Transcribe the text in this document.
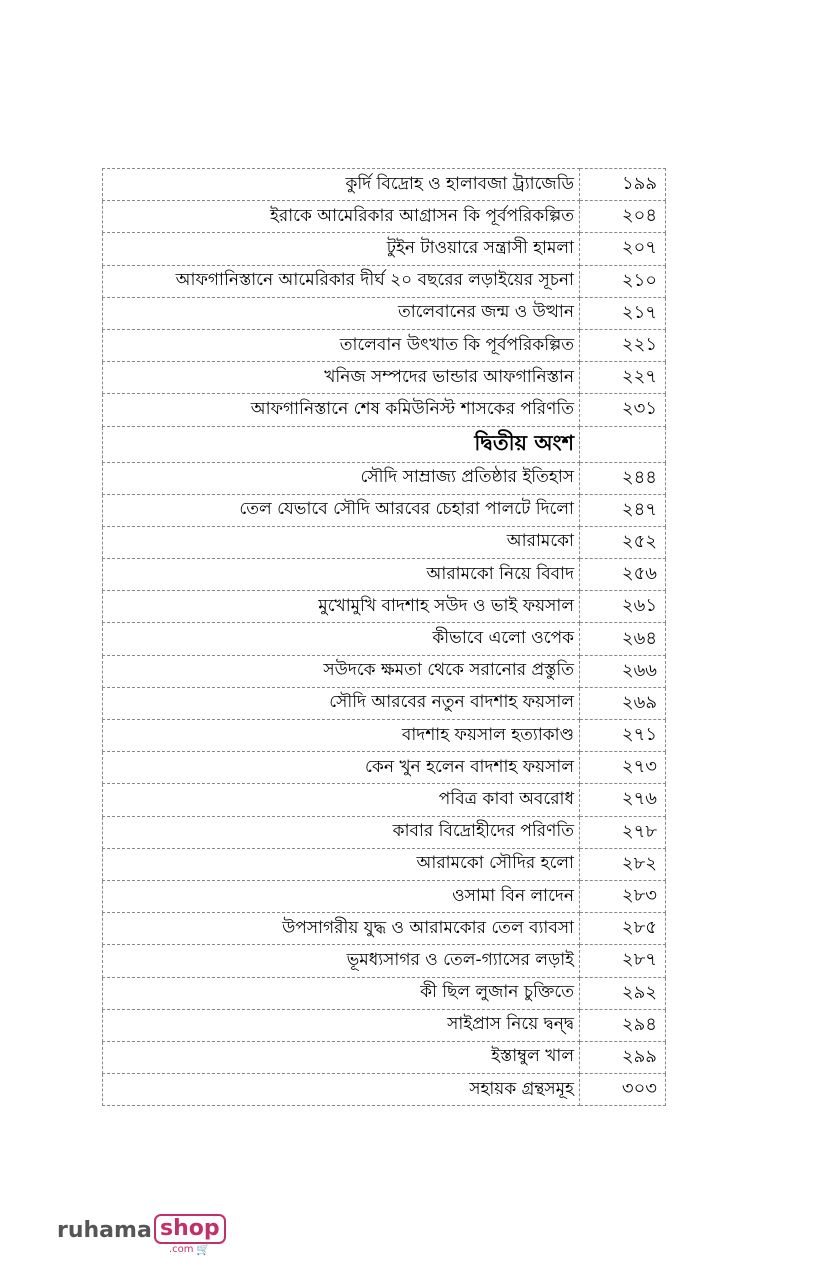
কুর্দি বিদ্রোহ ও হালাবজা ট্র্যাজেডি	১৯৯
ইরাকে আমেরিকার আগ্রাসন কি পূর্বপরিকল্পিত	২০৪
টুইন টাওয়ারে সন্ত্রাসী হামলা	২০৭
আফগানিস্তানে আমেরিকার দীর্ঘ ২০ বছরের লড়াইয়ের সূচনা	২১০
তালেবানের জন্ম ও উত্থান	২১৭
তালেবান উৎখাত কি পূর্বপরিকল্পিত	২২১
খনিজ সম্পদের ভান্ডার আফগানিস্তান	২২৭
আফগানিস্তানে শেষ কমিউনিস্ট শাসকের পরিণতি	২৩১
দ্বিতীয় অংশ	
সৌদি সাম্রাজ্য প্রতিষ্ঠার ইতিহাস	২৪৪
তেল যেভাবে সৌদি আরবের চেহারা পালটে দিলো	২৪৭
আরামকো	২৫২
আরামকো নিয়ে বিবাদ	২৫৬
মুখোমুখি বাদশাহ সউদ ও ভাই ফয়সাল	২৬১
কীভাবে এলো ওপেক	২৬৪
সউদকে ক্ষমতা থেকে সরানোর প্রস্তুতি	২৬৬
সৌদি আরবের নতুন বাদশাহ ফয়সাল	২৬৯
বাদশাহ ফয়সাল হত্যাকাণ্ড	২৭১
কেন খুন হলেন বাদশাহ ফয়সাল	২৭৩
পবিত্র কাবা অবরোধ	২৭৬
কাবার বিদ্রোহীদের পরিণতি	২৭৮
আরামকো সৌদির হলো	২৮২
ওসামা বিন লাদেন	২৮৩
উপসাগরীয় যুদ্ধ ও আরামকোর তেল ব্যাবসা	২৮৫
ভূমধ্যসাগর ও তেল-গ্যাসের লড়াই	২৮৭
কী ছিল লুজান চুক্তিতে	২৯২
সাইপ্রাস নিয়ে দ্বন্দ্ব	২৯৪
ইস্তাম্বুল খাল	২৯৯
সহায়ক গ্রন্থসমূহ	৩০৩
ruhama shop
.com 🛒
